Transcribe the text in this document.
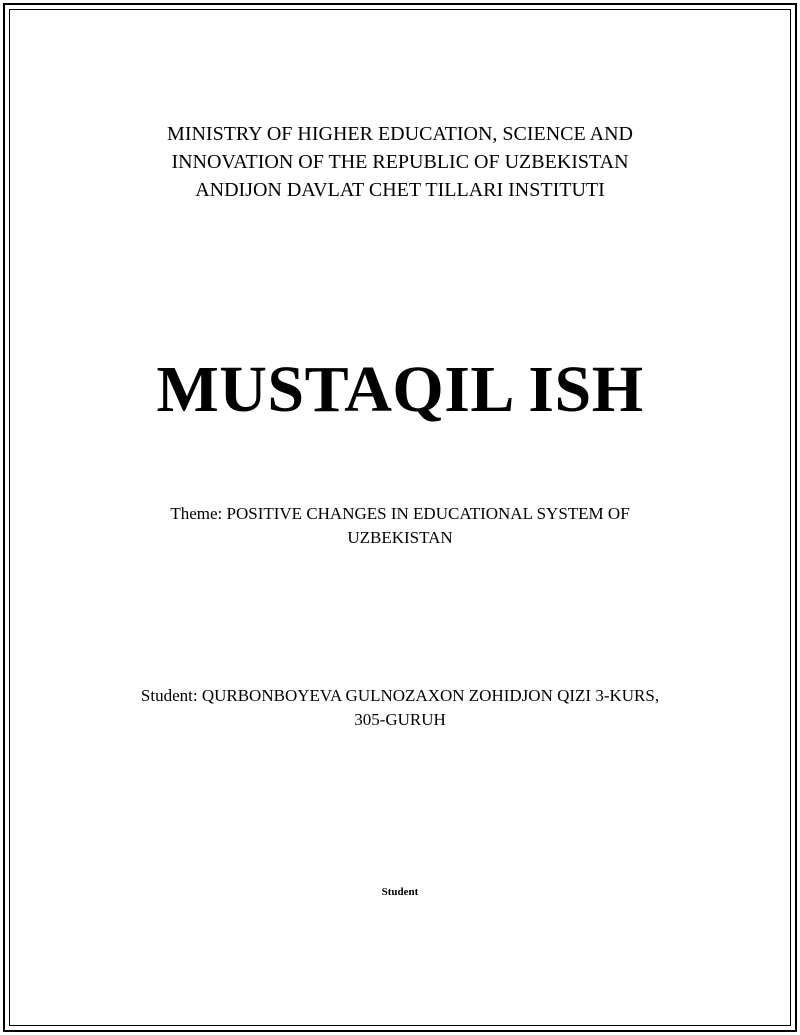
MINISTRY OF HIGHER EDUCATION, SCIENCE AND
INNOVATION OF THE REPUBLIC OF UZBEKISTAN
ANDIJON DAVLAT CHET TILLARI INSTITUTI
MUSTAQIL ISH
Theme: POSITIVE CHANGES IN EDUCATIONAL SYSTEM OF
UZBEKISTAN
Student: QURBONBOYEVA GULNOZAXON ZOHIDJON QIZI 3-KURS,
305-GURUH
Student
